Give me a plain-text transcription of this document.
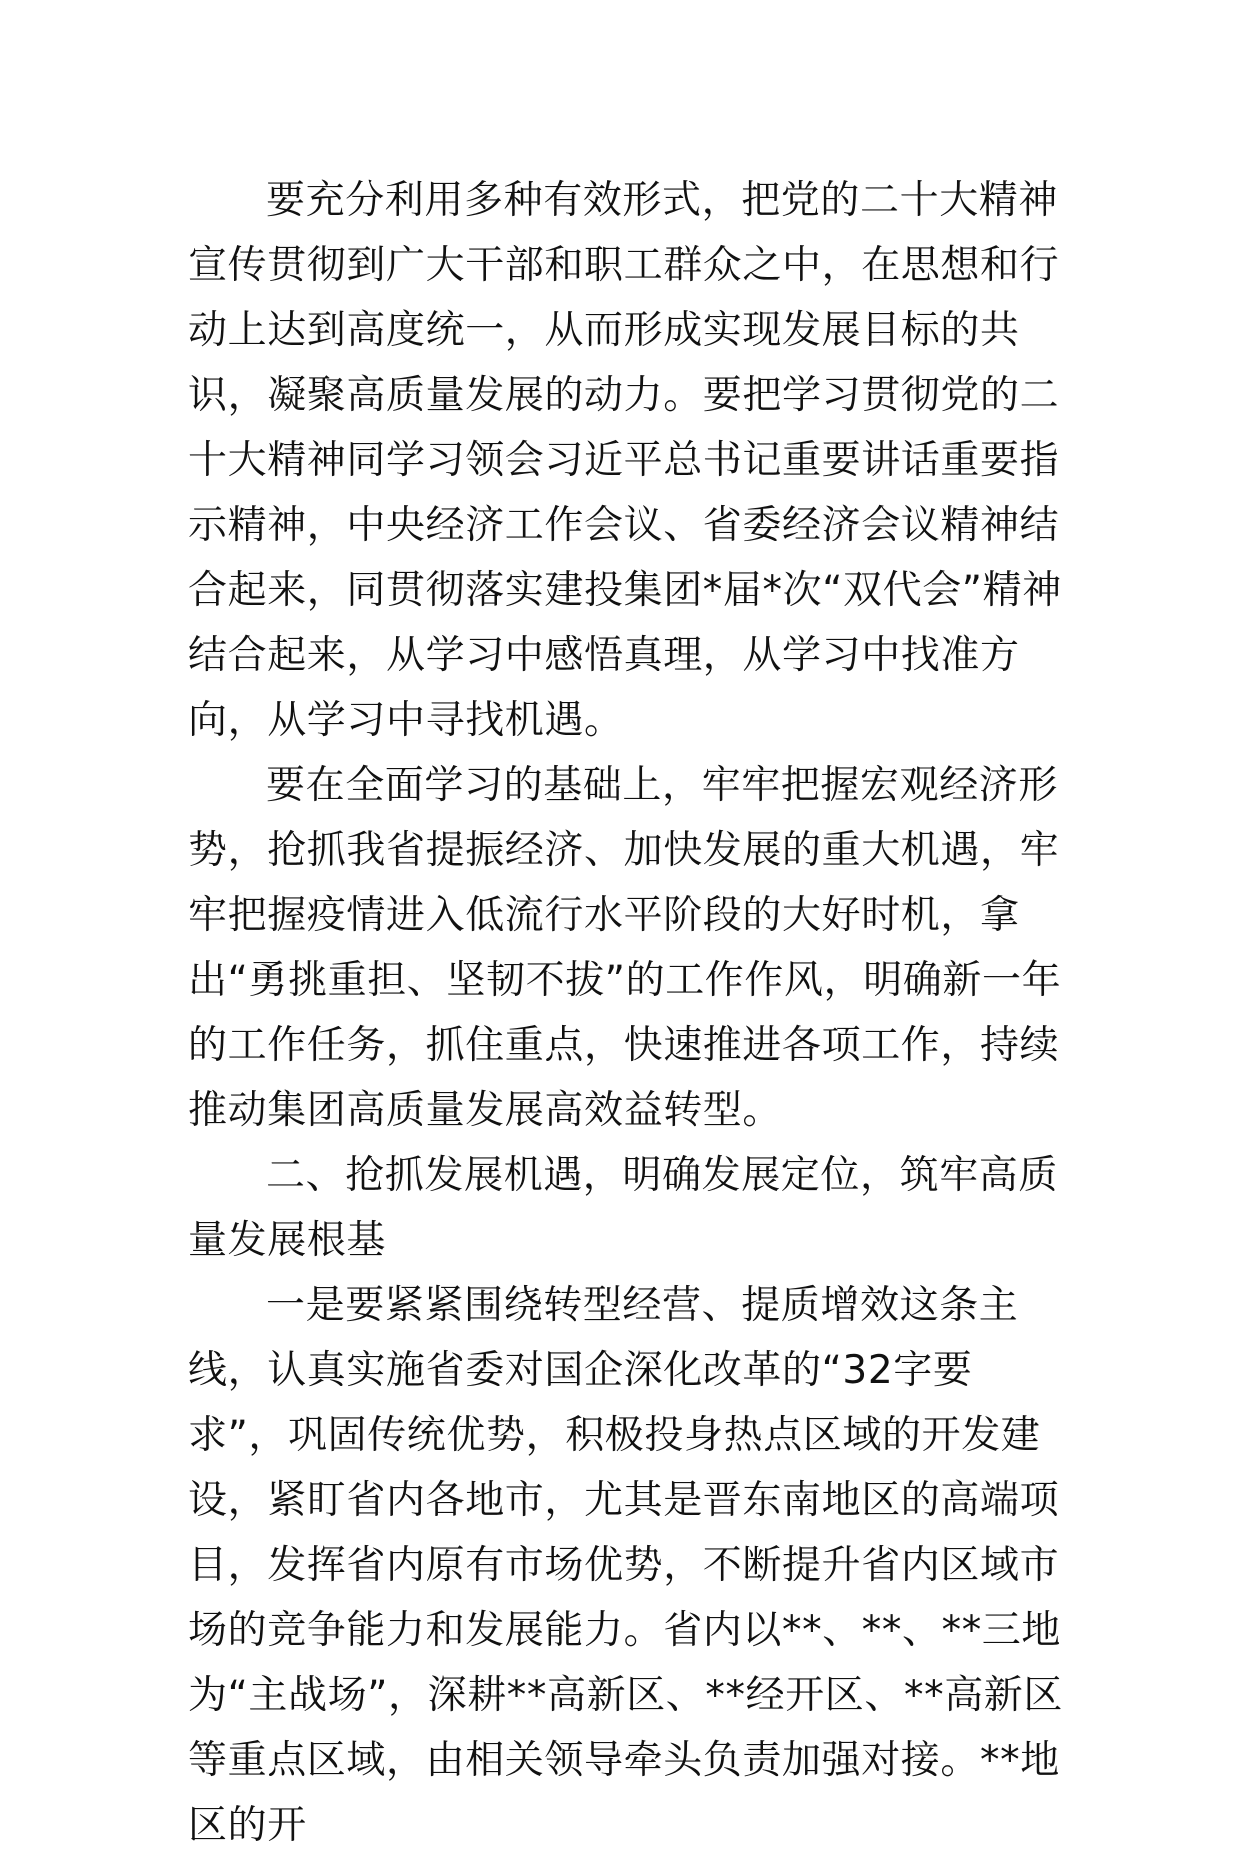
要充分利用多种有效形式，把党的二十大精神宣传贯彻到广大干部和职工群众之中，在思想和行动上达到高度统一，从而形成实现发展目标的共识，凝聚高质量发展的动力。要把学习贯彻党的二十大精神同学习领会习近平总书记重要讲话重要指示精神，中央经济工作会议、省委经济会议精神结合起来，同贯彻落实建投集团*届*次“双代会”精神结合起来，从学习中感悟真理，从学习中找准方向，从学习中寻找机遇。

要在全面学习的基础上，牢牢把握宏观经济形势，抢抓我省提振经济、加快发展的重大机遇，牢牢把握疫情进入低流行水平阶段的大好时机，拿出“勇挑重担、坚韧不拔”的工作作风，明确新一年的工作任务，抓住重点，快速推进各项工作，持续推动集团高质量发展高效益转型。

二、抢抓发展机遇，明确发展定位，筑牢高质量发展根基

一是要紧紧围绕转型经营、提质增效这条主线，认真实施省委对国企深化改革的“32字要求”，巩固传统优势，积极投身热点区域的开发建设，紧盯省内各地市，尤其是晋东南地区的高端项目，发挥省内原有市场优势，不断提升省内区域市场的竞争能力和发展能力。省内以**、**、**三地为“主战场”，深耕**高新区、**经开区、**高新区等重点区域，由相关领导牵头负责加强对接。**地区的开
